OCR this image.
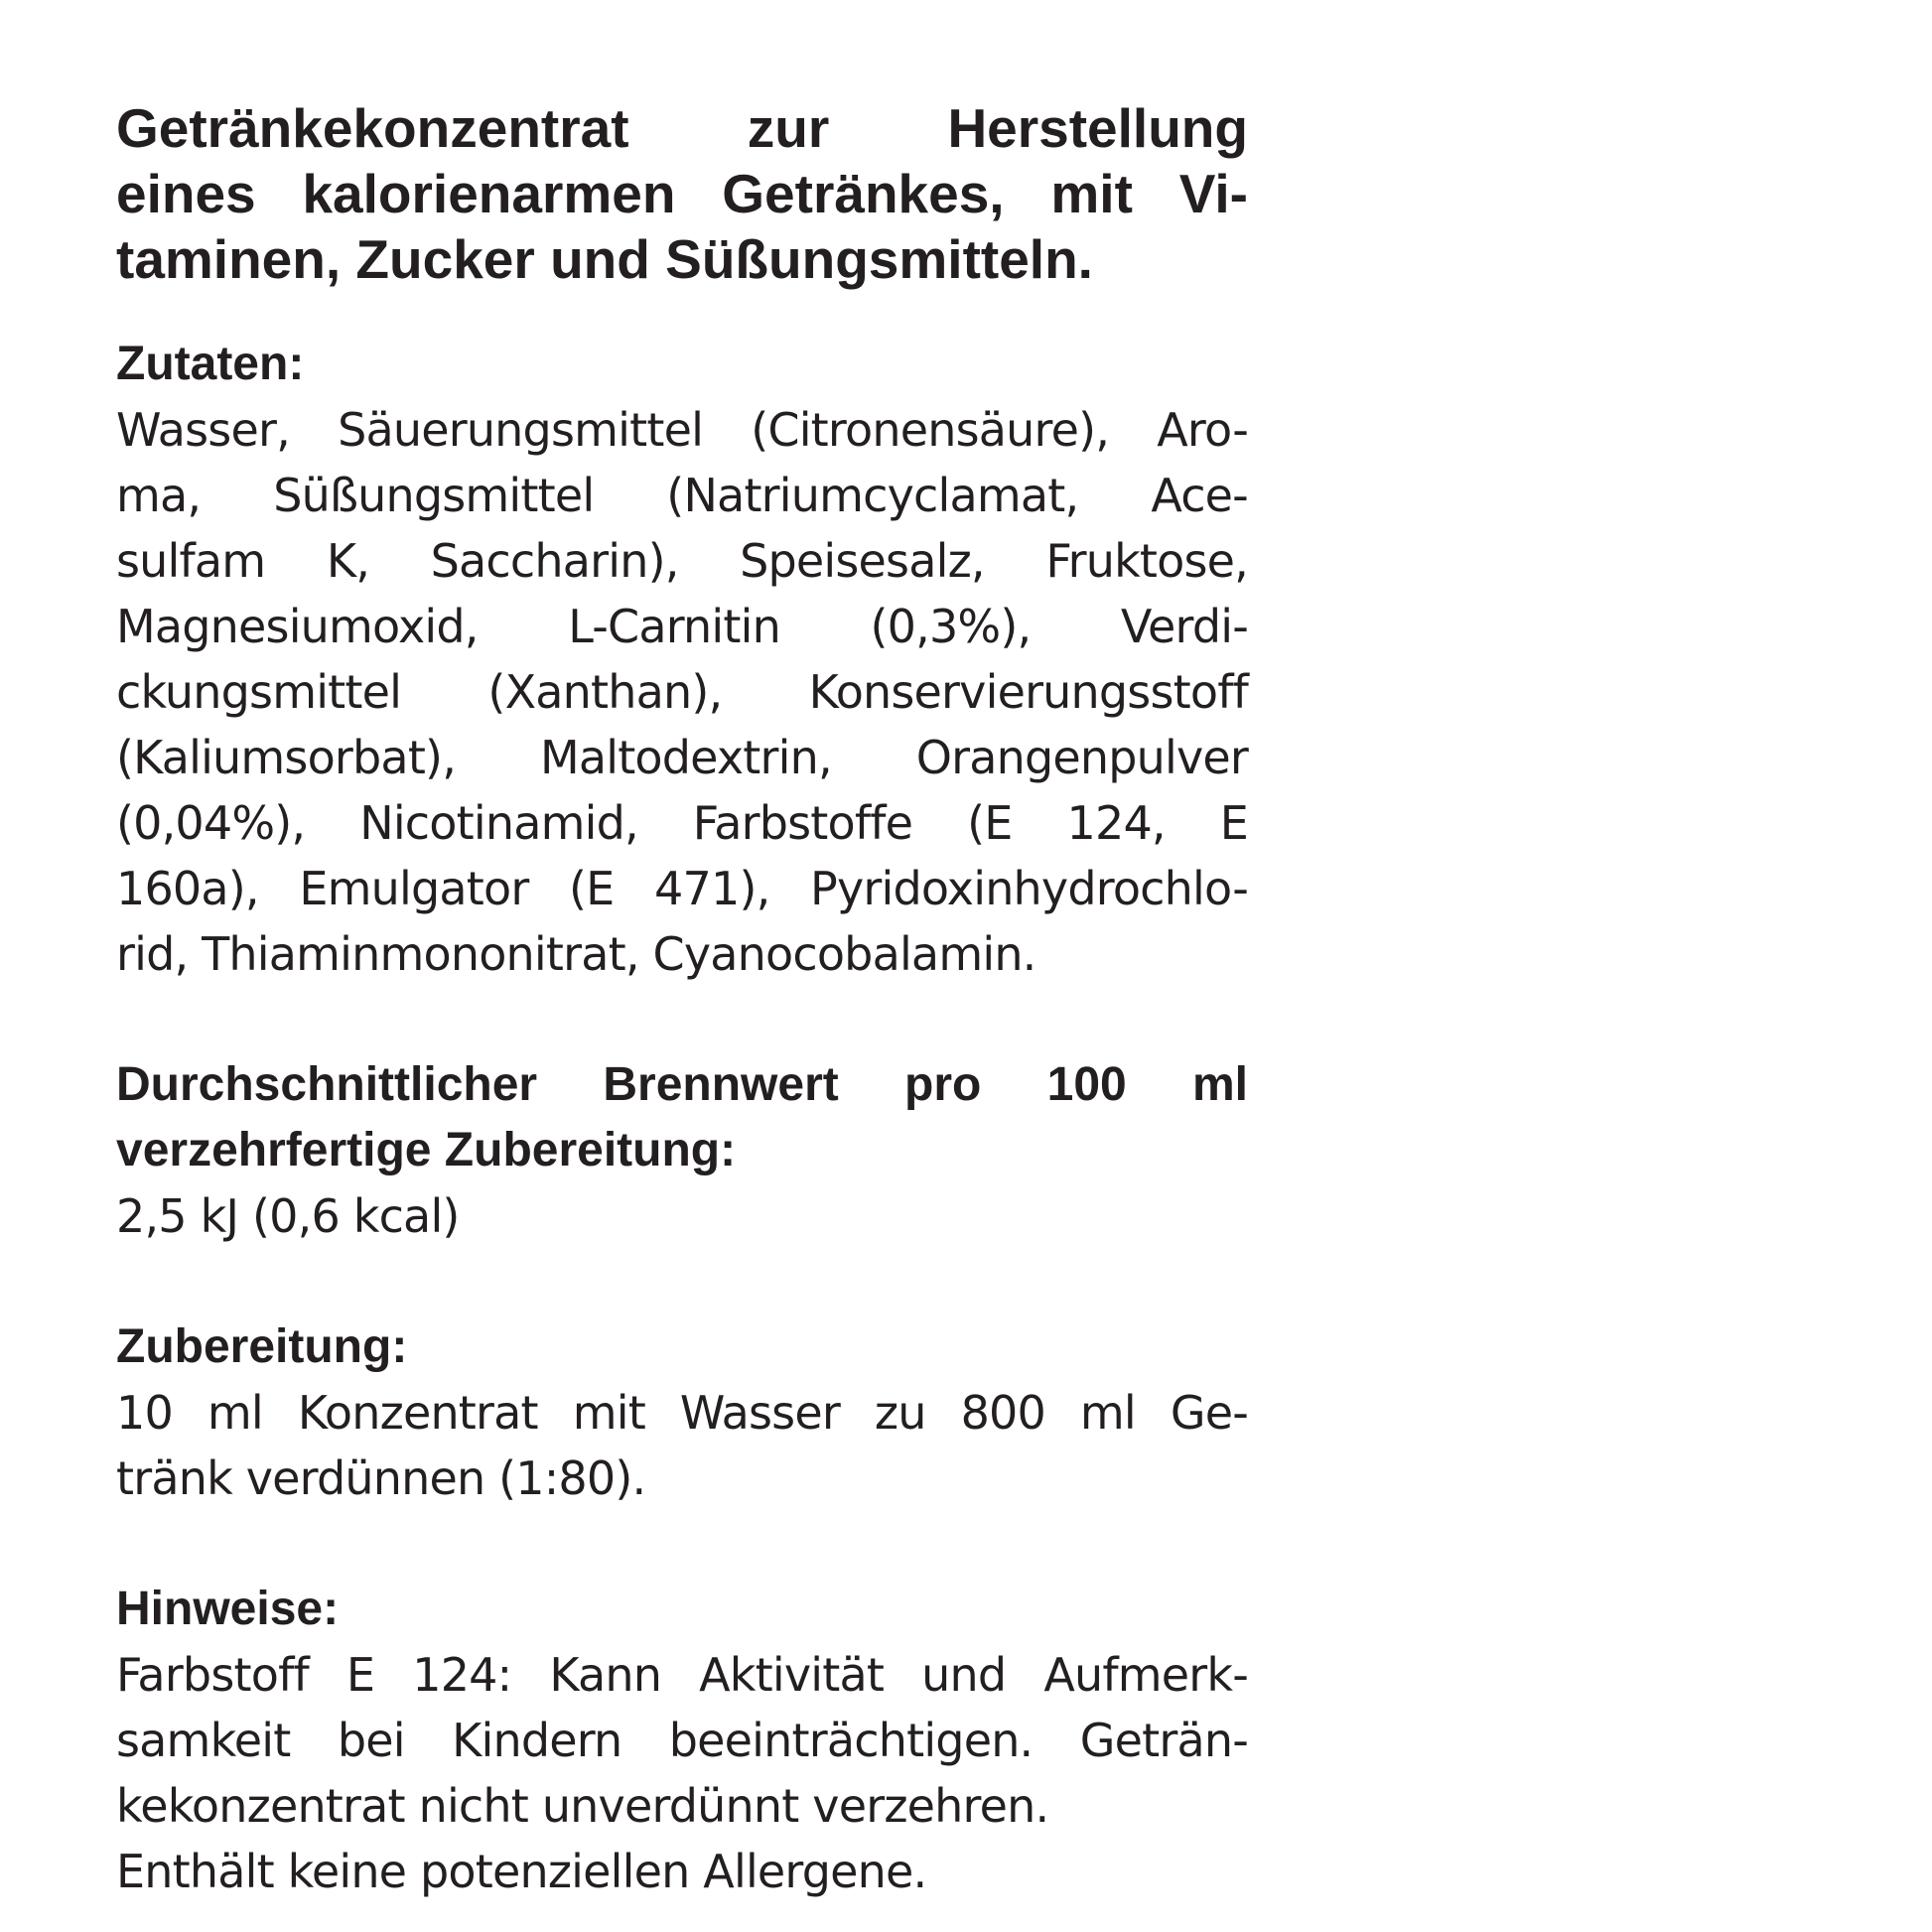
Getränkekonzentrat zur Herstellung
eines kalorienarmen Getränkes, mit Vi-
taminen, Zucker und Süßungsmitteln.
Zutaten:
Wasser, Säuerungsmittel (Citronensäure), Aro-
ma, Süßungsmittel (Natriumcyclamat, Ace-
sulfam K, Saccharin), Speisesalz, Fruktose,
Magnesiumoxid, L-Carnitin (0,3%), Verdi-
ckungsmittel (Xanthan), Konservierungsstoff
(Kaliumsorbat), Maltodextrin, Orangenpulver
(0,04%), Nicotinamid, Farbstoffe (E 124, E
160a), Emulgator (E 471), Pyridoxinhydrochlo-
rid, Thiaminmononitrat, Cyanocobalamin.
Durchschnittlicher Brennwert pro 100 ml
verzehrfertige Zubereitung:
2,5 kJ (0,6 kcal)
Zubereitung:
10 ml Konzentrat mit Wasser zu 800 ml Ge-
tränk verdünnen (1:80).
Hinweise:
Farbstoff E 124: Kann Aktivität und Aufmerk-
samkeit bei Kindern beeinträchtigen. Geträn-
kekonzentrat nicht unverdünnt verzehren.
Enthält keine potenziellen Allergene.
